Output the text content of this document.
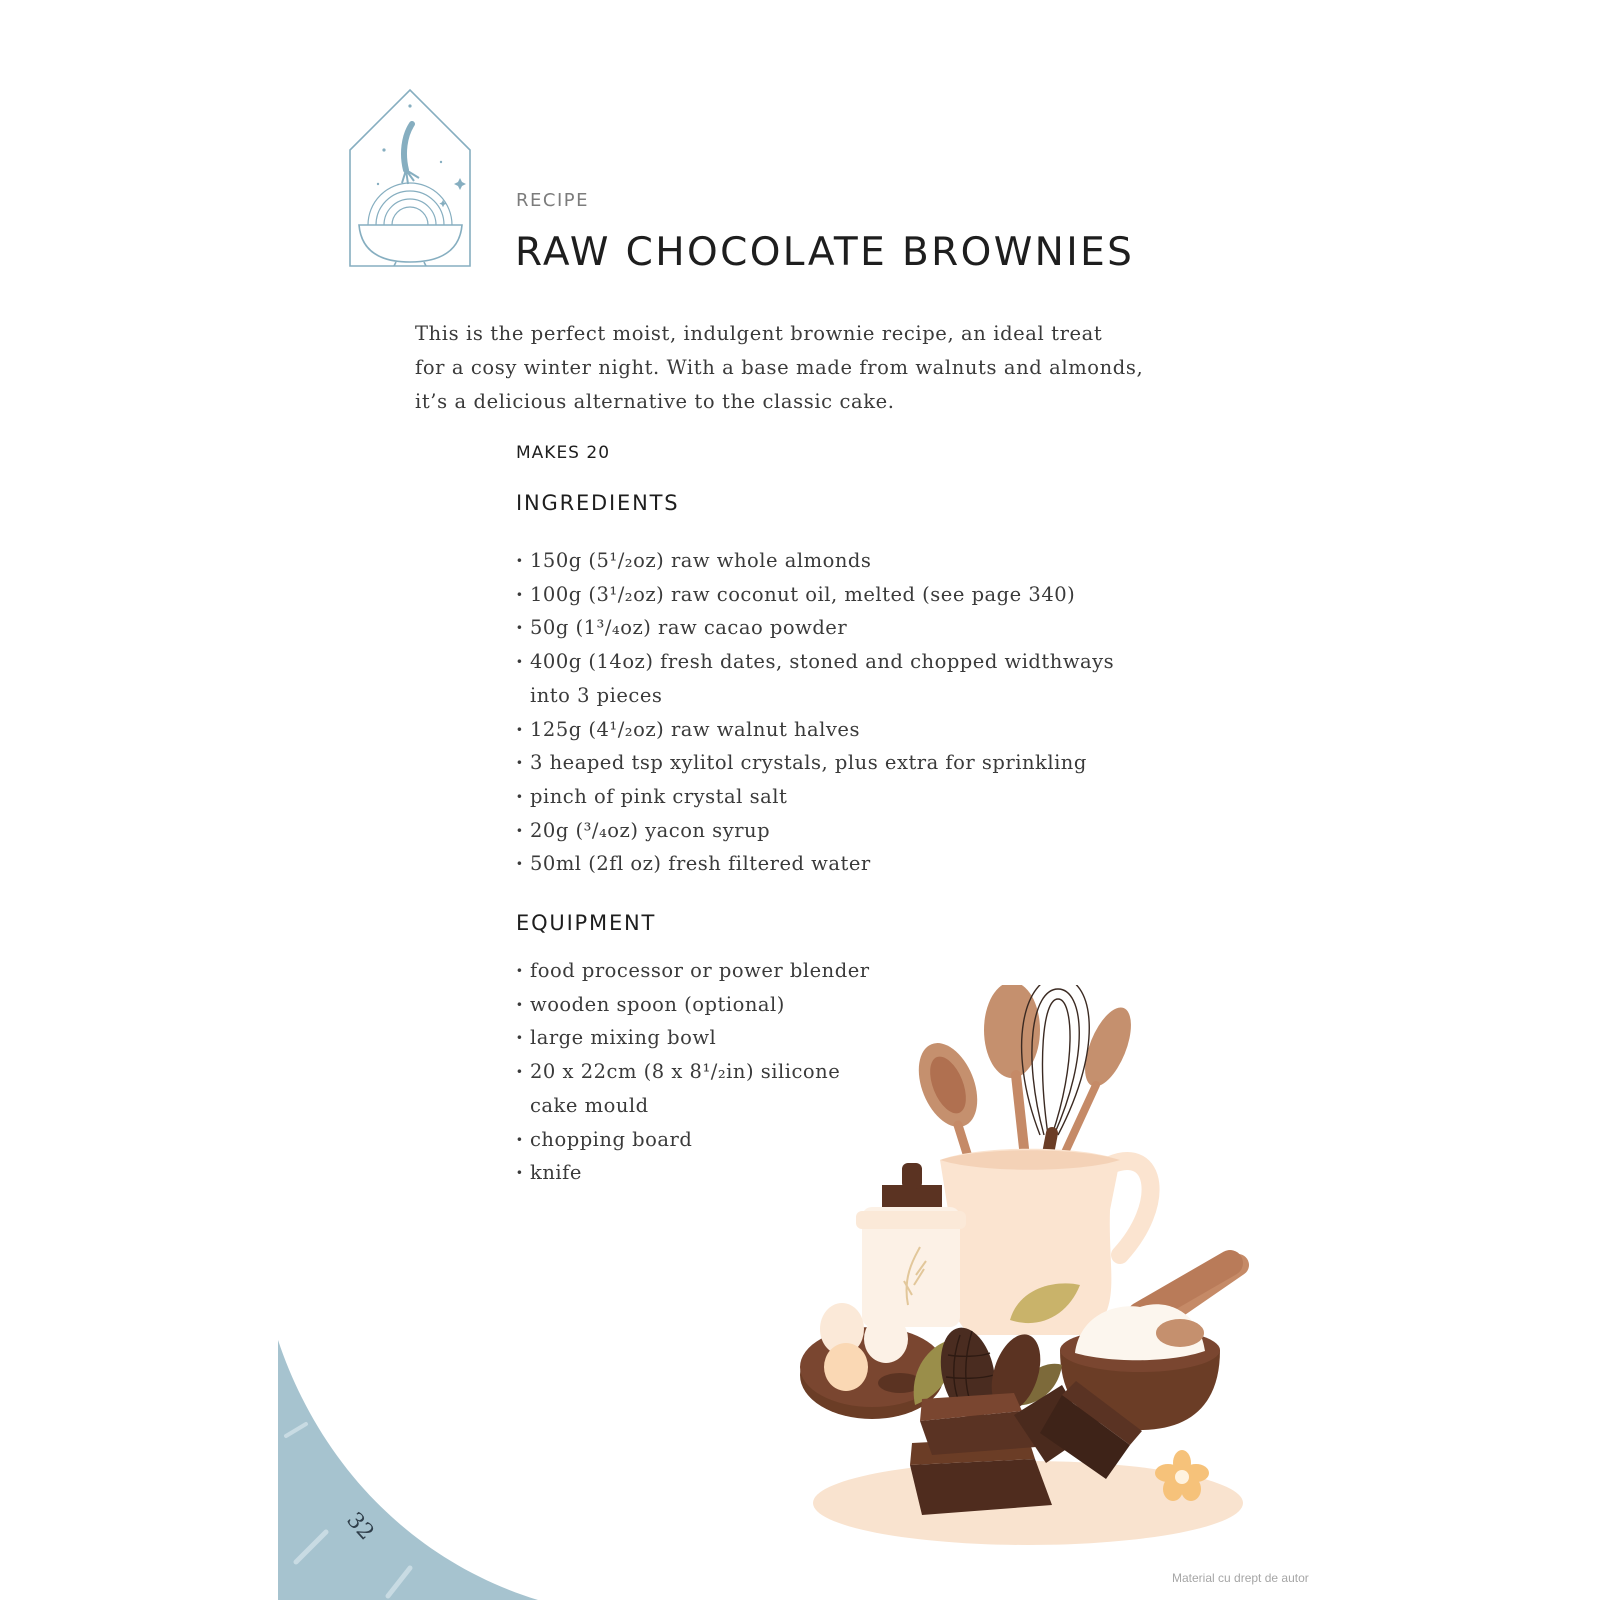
RECIPE
RAW CHOCOLATE BROWNIES

This is the perfect moist, indulgent brownie recipe, an ideal treat
for a cosy winter night. With a base made from walnuts and almonds,
it’s a delicious alternative to the classic cake.

MAKES 20
INGREDIENTS
· 150g (5¹/₂oz) raw whole almonds
· 100g (3¹/₂oz) raw coconut oil, melted (see page 340)
· 50g (1³/₄oz) raw cacao powder
· 400g (14oz) fresh dates, stoned and chopped widthways
into 3 pieces
· 125g (4¹/₂oz) raw walnut halves
· 3 heaped tsp xylitol crystals, plus extra for sprinkling
· pinch of pink crystal salt
· 20g (³/₄oz) yacon syrup
· 50ml (2fl oz) fresh filtered water
EQUIPMENT
· food processor or power blender
· wooden spoon (optional)
· large mixing bowl
· 20 x 22cm (8 x 8¹/₂in) silicone
cake mould
· chopping board
· knife
32
Material cu drept de autor
